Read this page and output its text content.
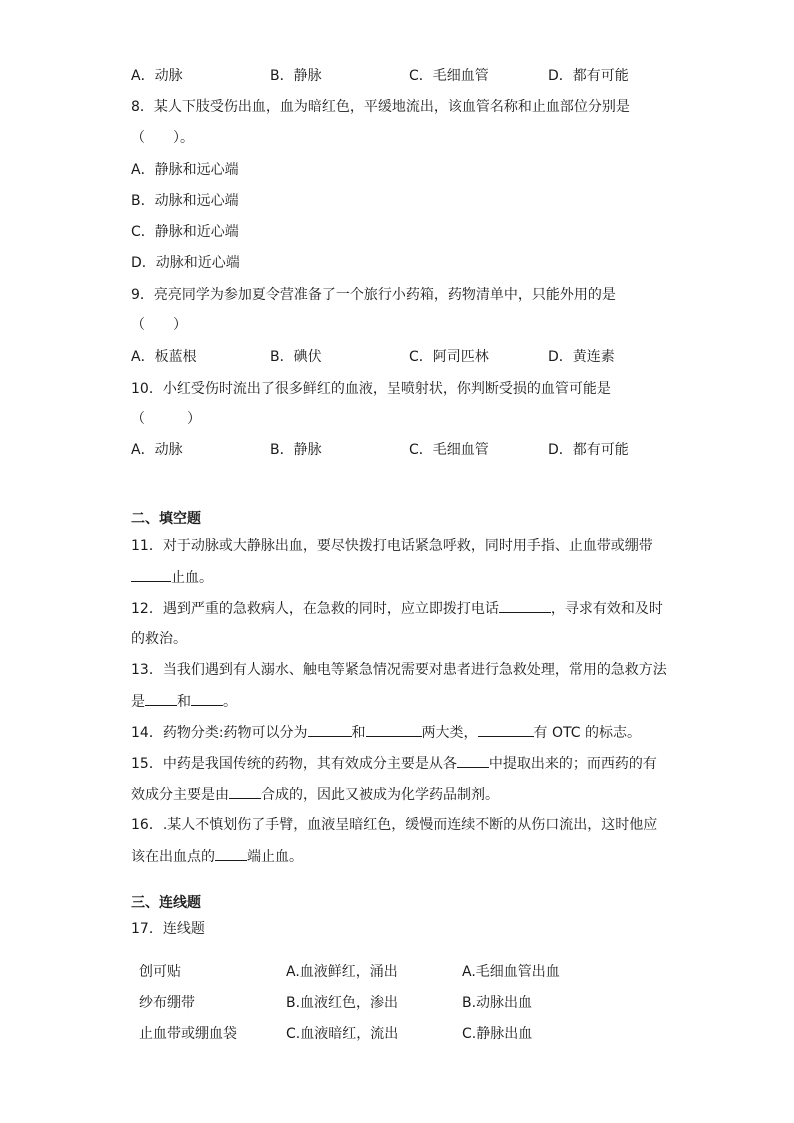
A．动脉	B．静脉	C．毛细血管	D．都有可能
8．某人下肢受伤出血，血为暗红色，平缓地流出，该血管名称和止血部位分别是
（　　）。
A．静脉和远心端
B．动脉和远心端
C．静脉和近心端
D．动脉和近心端
9．亮亮同学为参加夏令营准备了一个旅行小药箱，药物清单中，只能外用的是
（　　）
A．板蓝根	B．碘伏	C．阿司匹林	D．黄连素
10．小红受伤时流出了很多鲜红的血液，呈喷射状，你判断受损的血管可能是
（　　　）
A．动脉	B．静脉	C．毛细血管	D．都有可能
二、填空题
11．对于动脉或大静脉出血，要尽快拨打电话紧急呼救，同时用手指、止血带或绷带
止血。
12．遇到严重的急救病人，在急救的同时，应立即拨打电话	，寻求有效和及时
的救治。
13．当我们遇到有人溺水、触电等紧急情况需要对患者进行急救处理，常用的急救方法
是 和 。
14．药物分类:药物可以分为	和	两大类，	有 OTC 的标志。
15．中药是我国传统的药物，其有效成分主要是从各 中提取出来的；而西药的有
效成分主要是由 合成的，因此又被成为化学药品制剂。
16．.某人不慎划伤了手臂，血液呈暗红色，缓慢而连续不断的从伤口流出，这时他应
该在出血点的 端止血。
三、连线题
17．连线题
创可贴	A.血液鲜红，涌出	A.毛细血管出血
纱布绷带	B.血液红色，渗出	B.动脉出血
止血带或绷血袋	C.血液暗红，流出	C.静脉出血
